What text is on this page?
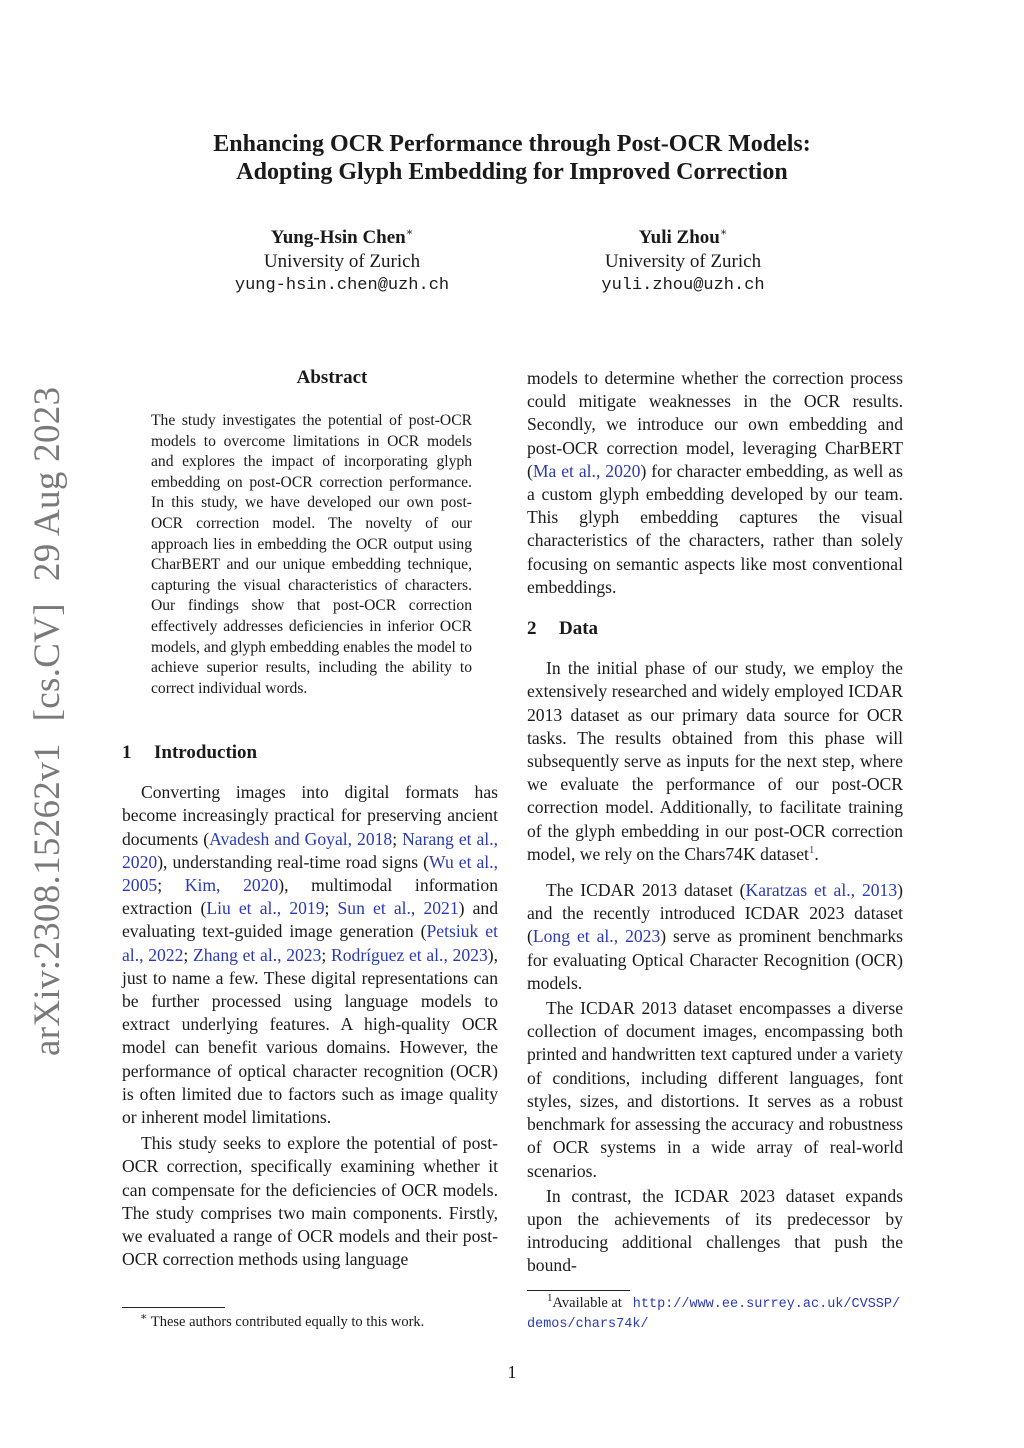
arXiv:2308.15262v1[cs.CV]29 Aug 2023
Enhancing OCR Performance through Post-OCR Models:
Adopting Glyph Embedding for Improved Correction
Yung-Hsin Chen∗
University of Zurich
yung-hsin.chen@uzh.ch
Yuli Zhou∗
University of Zurich
yuli.zhou@uzh.ch
Abstract
The study investigates the potential of post-OCR models to overcome limitations in OCR models and explores the impact of incorporating glyph embedding on post-OCR correction performance. In this study, we have developed our own post-OCR correction model. The novelty of our approach lies in embedding the OCR output using CharBERT and our unique embedding technique, capturing the visual characteristics of characters. Our findings show that post-OCR correction effectively addresses deficiencies in inferior OCR models, and glyph embedding enables the model to achieve superior results, including the ability to correct individual words.
1 Introduction

Converting images into digital formats has become increasingly practical for preserving ancient documents (Avadesh and Goyal, 2018; Narang et al., 2020), understanding real-time road signs (Wu et al., 2005; Kim, 2020), multimodal information extraction (Liu et al., 2019; Sun et al., 2021) and evaluating text-guided image generation (Petsiuk et al., 2022; Zhang et al., 2023; Rodríguez et al., 2023), just to name a few. These digital representations can be further processed using language models to extract underlying features. A high-quality OCR model can benefit various domains. However, the performance of optical character recognition (OCR) is often limited due to factors such as image quality or inherent model limitations.

This study seeks to explore the potential of post-OCR correction, specifically examining whether it can compensate for the deficiencies of OCR models. The study comprises two main components. Firstly, we evaluated a range of OCR models and their post-OCR correction methods using language

∗ These authors contributed equally to this work.

models to determine whether the correction process could mitigate weaknesses in the OCR results. Secondly, we introduce our own embedding and post-OCR correction model, leveraging CharBERT (Ma et al., 2020) for character embedding, as well as a custom glyph embedding developed by our team. This glyph embedding captures the visual characteristics of the characters, rather than solely focusing on semantic aspects like most conventional embeddings.

2 Data

In the initial phase of our study, we employ the extensively researched and widely employed ICDAR 2013 dataset as our primary data source for OCR tasks. The results obtained from this phase will subsequently serve as inputs for the next step, where we evaluate the performance of our post-OCR correction model. Additionally, to facilitate training of the glyph embedding in our post-OCR correction model, we rely on the Chars74K dataset$^1$.

The ICDAR 2013 dataset (Karatzas et al., 2013) and the recently introduced ICDAR 2023 dataset (Long et al., 2023) serve as prominent benchmarks for evaluating Optical Character Recognition (OCR) models.

The ICDAR 2013 dataset encompasses a diverse collection of document images, encompassing both printed and handwritten text captured under a variety of conditions, including different languages, font styles, sizes, and distortions. It serves as a robust benchmark for assessing the accuracy and robustness of OCR systems in a wide array of real-world scenarios.

In contrast, the ICDAR 2023 dataset expands upon the achievements of its predecessor by introducing additional challenges that push the bound-

$^1$Available at http://www.ee.surrey.ac.uk/CVSSP/demos/chars74k/
1
